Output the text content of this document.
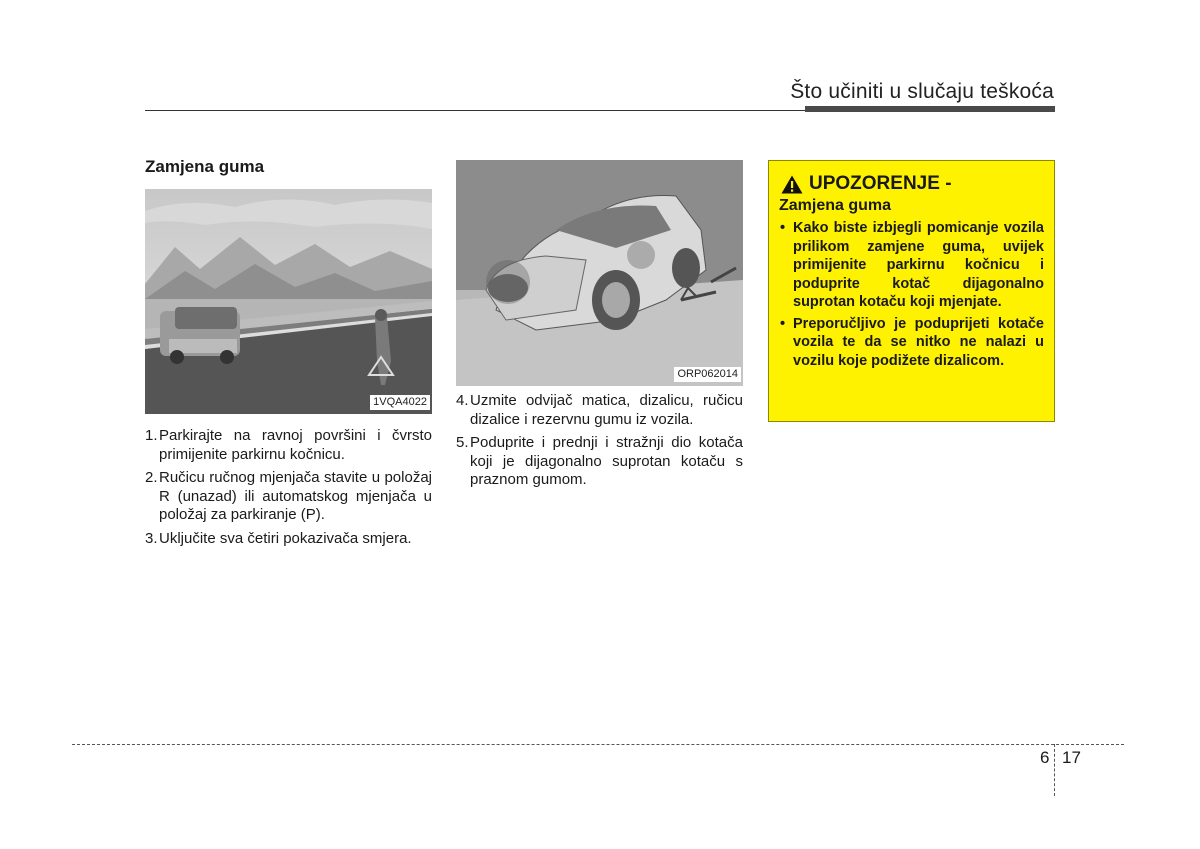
Što učiniti u slučaju teškoća
Zamjena guma
1VQA4022
ORP062014
1. Parkirajte na ravnoj površini i čvrsto primijenite parkirnu kočnicu.
2. Ručicu ručnog mjenjača stavite u položaj R (unazad) ili automatskog mjenjača u položaj za parkiranje (P).
3. Uključite sva četiri pokazivača smjera.
4. Uzmite odvijač matica, dizalicu, ručicu dizalice i rezervnu gumu iz vozila.
5. Poduprite i prednji i stražnji dio kotača koji je dijagonalno suprotan kotaču s praznom gumom.
UPOZORENJE -
Zamjena guma
• Kako biste izbjegli pomicanje vozila prilikom zamjene guma, uvijek primijenite parkirnu kočnicu i poduprite kotač dijagonalno suprotan kotaču koji mjenjate.
• Preporučljivo je poduprijeti kotače vozila te da se nitko ne nalazi u vozilu koje podižete dizalicom.
6 17
